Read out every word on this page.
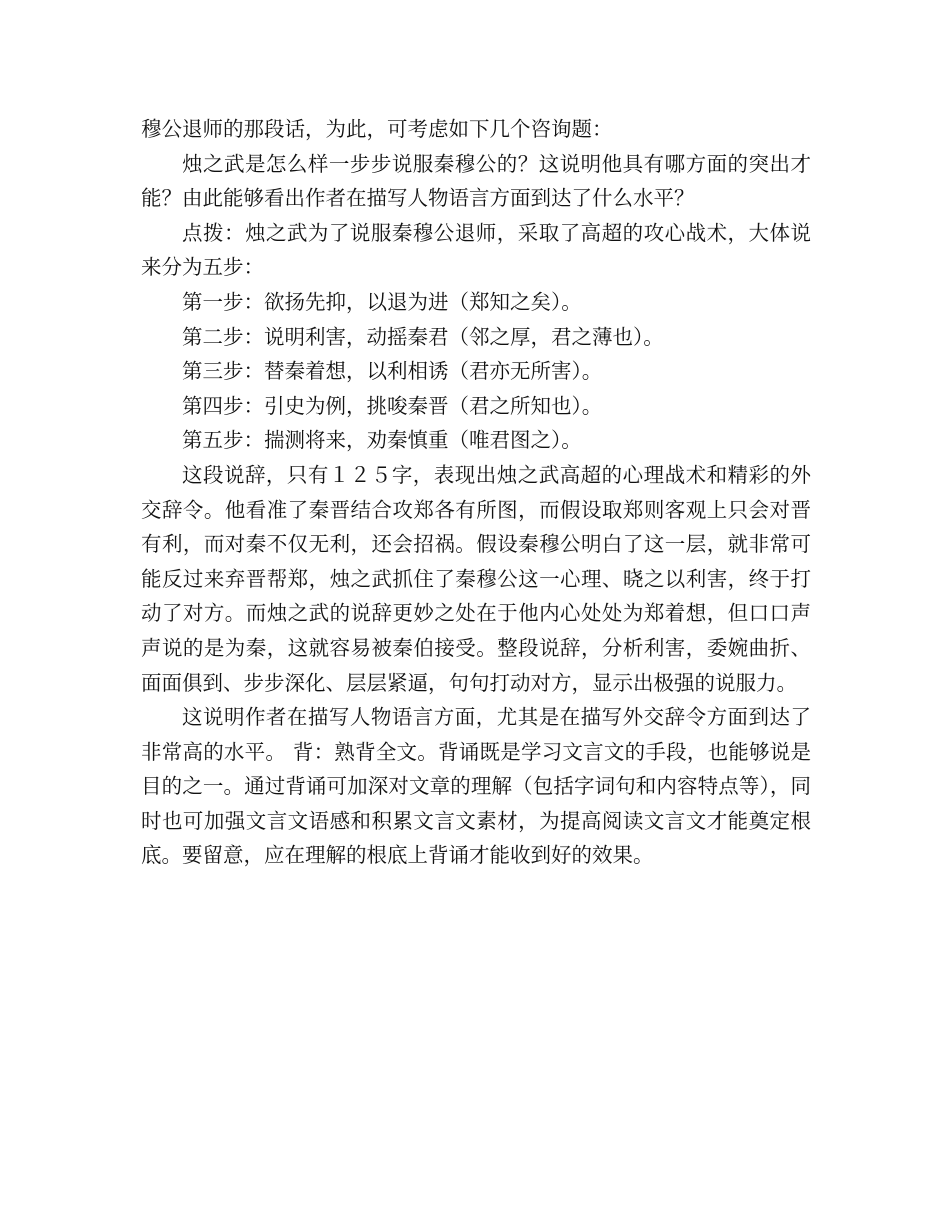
穆公退师的那段话，为此，可考虑如下几个咨询题：

烛之武是怎么样一步步说服秦穆公的？这说明他具有哪方面的突出才能？由此能够看出作者在描写人物语言方面到达了什么水平？

点拨：烛之武为了说服秦穆公退师，采取了高超的攻心战术，大体说来分为五步：

第一步：欲扬先抑，以退为进（郑知之矣）。

第二步：说明利害，动摇秦君（邻之厚，君之薄也）。

第三步：替秦着想，以利相诱（君亦无所害）。

第四步：引史为例，挑唆秦晋（君之所知也）。

第五步：揣测将来，劝秦慎重（唯君图之）。

这段说辞，只有１２５字，表现出烛之武高超的心理战术和精彩的外交辞令。他看准了秦晋结合攻郑各有所图，而假设取郑则客观上只会对晋有利，而对秦不仅无利，还会招祸。假设秦穆公明白了这一层，就非常可能反过来弃晋帮郑，烛之武抓住了秦穆公这一心理、晓之以利害，终于打动了对方。而烛之武的说辞更妙之处在于他内心处处为郑着想，但口口声声说的是为秦，这就容易被秦伯接受。整段说辞，分析利害，委婉曲折、面面俱到、步步深化、层层紧逼，句句打动对方，显示出极强的说服力。

这说明作者在描写人物语言方面，尤其是在描写外交辞令方面到达了非常高的水平。 背：熟背全文。背诵既是学习文言文的手段，也能够说是目的之一。通过背诵可加深对文章的理解（包括字词句和内容特点等），同时也可加强文言文语感和积累文言文素材，为提高阅读文言文才能奠定根底。要留意，应在理解的根底上背诵才能收到好的效果。
